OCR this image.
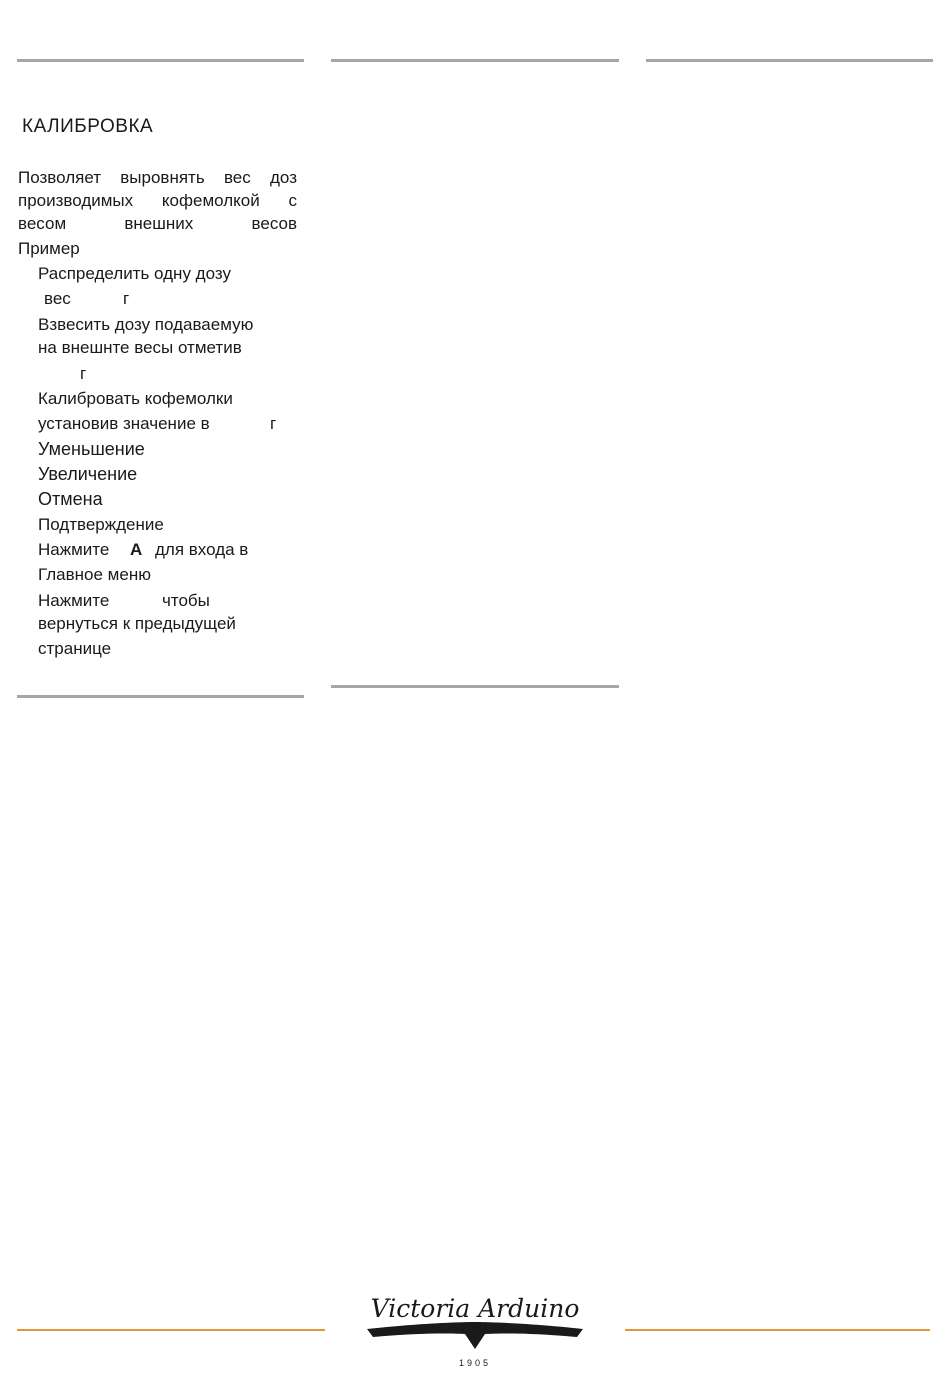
КАЛИБРОВКА
Позволяет выровнять вес доз
производимых кофемолкой с
весом внешних весов
Пример
Распределить одну дозу
вес	г
Взвесить дозу подаваемую
на внешнте весы отметив
г
Калибровать кофемолки
установив значение в	г
Уменьшение
Увеличение
Отмена
Подтверждение
Нажмите A для входа в
Главное меню
Нажмите	чтобы
вернуться к предыдущей
странице
Victoria Arduino
1905
